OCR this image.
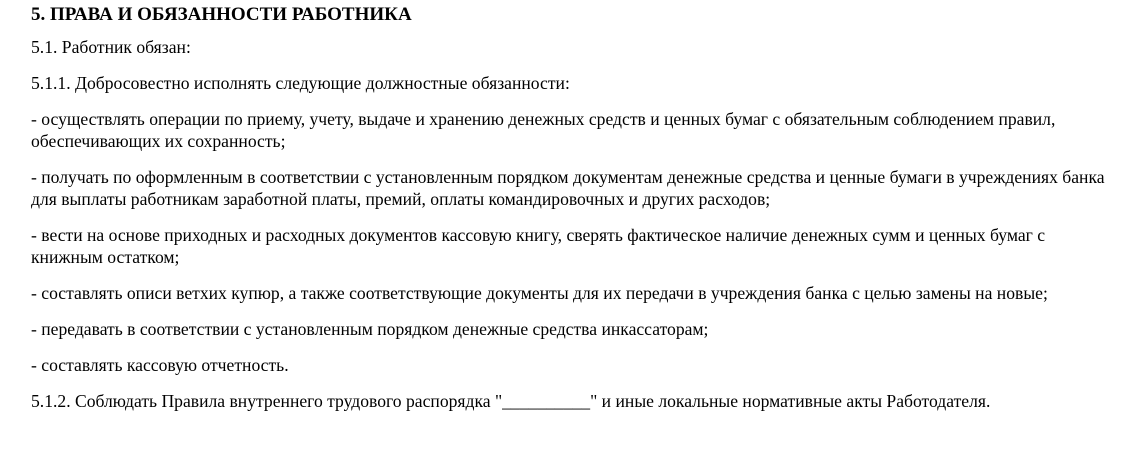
5. ПРАВА И ОБЯЗАННОСТИ РАБОТНИКА

5.1. Работник обязан:

5.1.1. Добросовестно исполнять следующие должностные обязанности:

- осуществлять операции по приему, учету, выдаче и хранению денежных средств и ценных бумаг с обязательным соблюдением правил, обеспечивающих их сохранность;

- получать по оформленным в соответствии с установленным порядком документам денежные средства и ценные бумаги в учреждениях банка для выплаты работникам заработной платы, премий, оплаты командировочных и других расходов;

- вести на основе приходных и расходных документов кассовую книгу, сверять фактическое наличие денежных сумм и ценных бумаг с книжным остатком;

- составлять описи ветхих купюр, а также соответствующие документы для их передачи в учреждения банка с целью замены на новые;

- передавать в соответствии с установленным порядком денежные средства инкассаторам;

- составлять кассовую отчетность.

5.1.2. Соблюдать Правила внутреннего трудового распорядка "__________" и иные локальные нормативные акты Работодателя.
